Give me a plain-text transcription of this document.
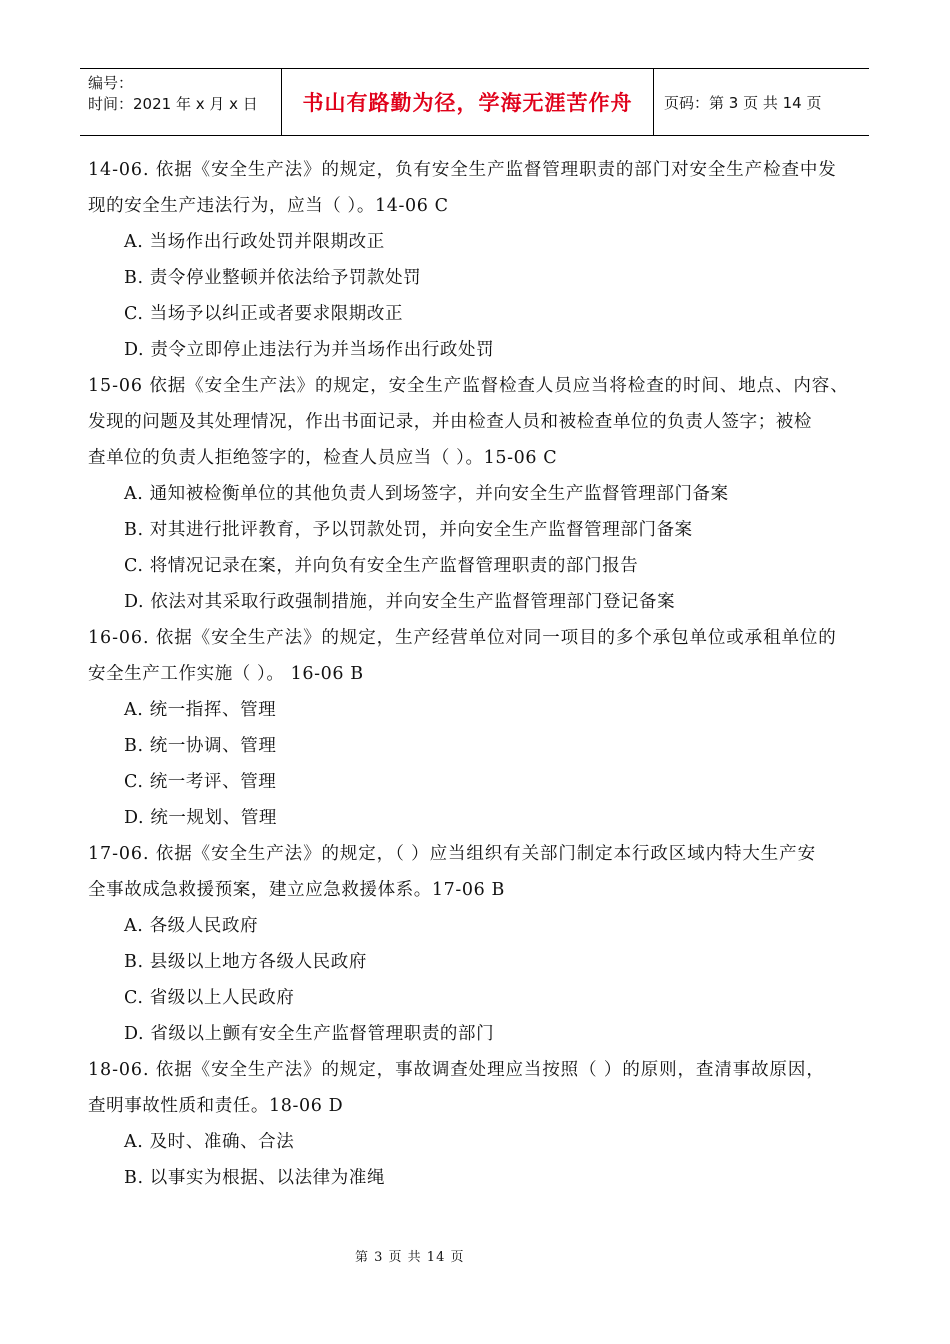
编号：
时间：2021 年 x 月 x 日	书山有路勤为径，学海无涯苦作舟	页码：第 3 页 共 14 页
14-06. 依据《安全生产法》的规定，负有安全生产监督管理职责的部门对安全生产检查中发
现的安全生产违法行为，应当（ ）。14-06 C
A. 当场作出行政处罚并限期改正
B. 责令停业整顿并依法给予罚款处罚
C. 当场予以纠正或者要求限期改正
D. 责令立即停止违法行为并当场作出行政处罚
15-06 依据《安全生产法》的规定，安全生产监督检查人员应当将检查的时间、地点、内容、
发现的问题及其处理情况，作出书面记录，并由检查人员和被检查单位的负责人签字；被检
查单位的负责人拒绝签字的，检查人员应当（ ）。15-06 C
A. 通知被检衡单位的其他负责人到场签字，并向安全生产监督管理部门备案
B. 对其进行批评教育，予以罚款处罚，并向安全生产监督管理部门备案
C. 将情况记录在案，并向负有安全生产监督管理职责的部门报告
D. 依法对其采取行政强制措施，并向安全生产监督管理部门登记备案
16-06. 依据《安全生产法》的规定，生产经营单位对同一项目的多个承包单位或承租单位的
安全生产工作实施（ ）。 16-06 B
A. 统一指挥、管理
B. 统一协调、管理
C. 统一考评、管理
D. 统一规划、管理
17-06. 依据《安全生产法》的规定，（ ）应当组织有关部门制定本行政区域内特大生产安
全事故成急救援预案，建立应急救援体系。17-06 B
A. 各级人民政府
B. 县级以上地方各级人民政府
C. 省级以上人民政府
D. 省级以上颤有安全生产监督管理职责的部门
18-06. 依据《安全生产法》的规定，事故调查处理应当按照（ ）的原则，查清事故原因，
查明事故性质和责任。18-06 D
A. 及时、准确、合法
B. 以事实为根据、以法律为准绳
第 3 页 共 14 页
